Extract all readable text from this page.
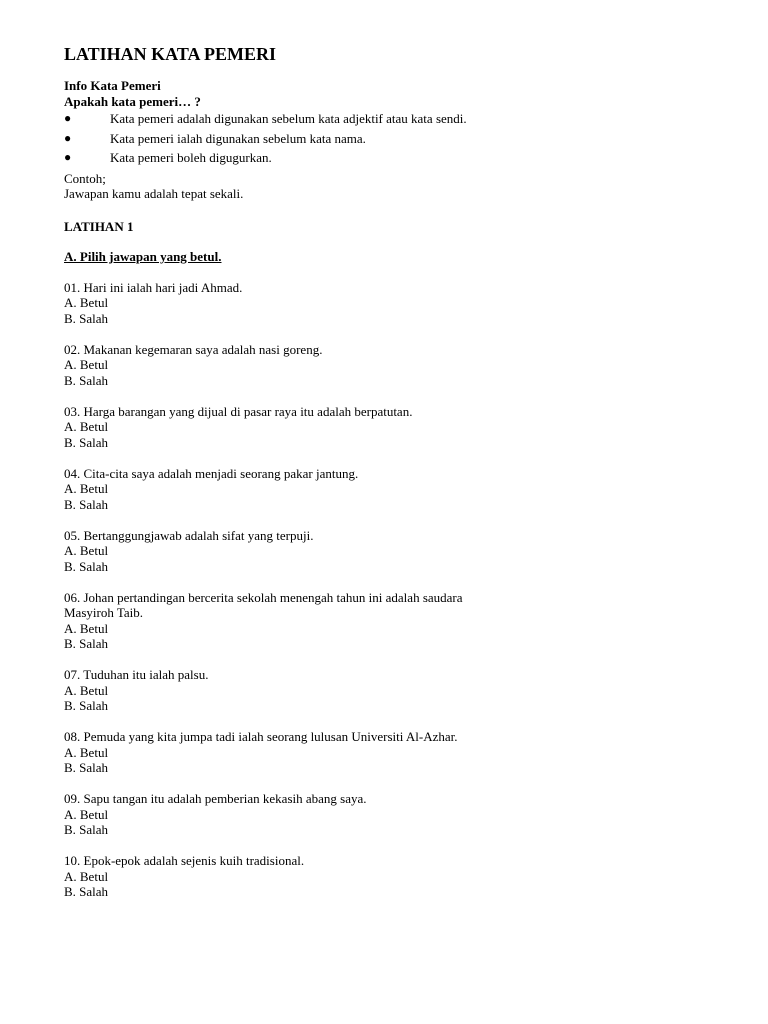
LATIHAN KATA PEMERI

Info Kata Pemeri

Apakah kata pemeri… ?

●	Kata pemeri adalah digunakan sebelum kata adjektif atau kata sendi.
●	Kata pemeri ialah digunakan sebelum kata nama.
●	Kata pemeri boleh digugurkan.

Contoh;

Jawapan kamu adalah tepat sekali.

LATIHAN 1

A. Pilih jawapan yang betul.

01. Hari ini ialah hari jadi Ahmad.

A. Betul

B. Salah

02. Makanan kegemaran saya adalah nasi goreng.

A. Betul

B. Salah

03. Harga barangan yang dijual di pasar raya itu adalah berpatutan.

A. Betul

B. Salah

04. Cita-cita saya adalah menjadi seorang pakar jantung.

A. Betul

B. Salah

05. Bertanggungjawab adalah sifat yang terpuji.

A. Betul

B. Salah

06. Johan pertandingan bercerita sekolah menengah tahun ini adalah saudara

Masyiroh Taib.

A. Betul

B. Salah

07. Tuduhan itu ialah palsu.

A. Betul

B. Salah

08. Pemuda yang kita jumpa tadi ialah seorang lulusan Universiti Al-Azhar.

A. Betul

B. Salah

09. Sapu tangan itu adalah pemberian kekasih abang saya.

A. Betul

B. Salah

10. Epok-epok adalah sejenis kuih tradisional.

A. Betul

B. Salah
